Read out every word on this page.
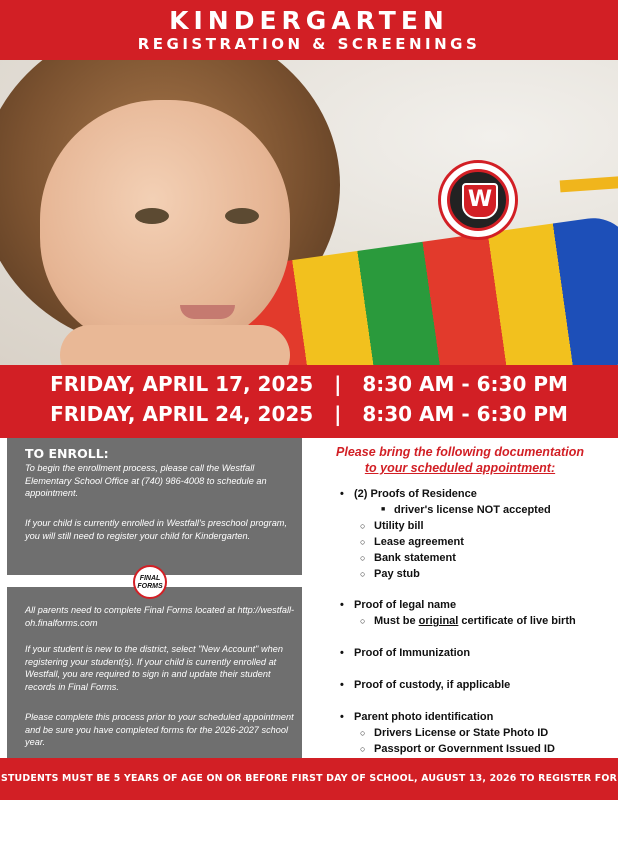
KINDERGARTEN
REGISTRATION & SCREENINGS
W
FRIDAY, APRIL 17, 2025   |   8:30 AM - 6:30 PM
FRIDAY, APRIL 24, 2025   |   8:30 AM - 6:30 PM
TO ENROLL:

To begin the enrollment process, please call the Westfall Elementary School Office at (740) 986-4008 to schedule an appointment.

If your child is currently enrolled in Westfall's preschool program, you will still need to register your child for Kindergarten.

FINAL FORMS

All parents need to complete Final Forms located at http://westfall-oh.finalforms.com

If your student is new to the district, select "New Account" when registering your student(s). If your child is currently enrolled at Westfall, you are required to sign in and update their student records in Final Forms.

Please complete this process prior to your scheduled appointment and be sure you have completed forms for the 2026-2027 school year.

Please bring the following documentation
to your scheduled appointment:
• (2) Proofs of Residence
■ driver's license NOT accepted
○ Utility bill
○ Lease agreement
○ Bank statement
○ Pay stub
• Proof of legal name
○ Must be original certificate of live birth
• Proof of Immunization
• Proof of custody, if applicable
• Parent photo identification
○ Drivers License or State Photo ID
○ Passport or Government Issued ID
STUDENTS MUST BE 5 YEARS OF AGE ON OR BEFORE FIRST DAY OF SCHOOL, AUGUST 13, 2026 TO REGISTER FOR KINDERGARTEN
